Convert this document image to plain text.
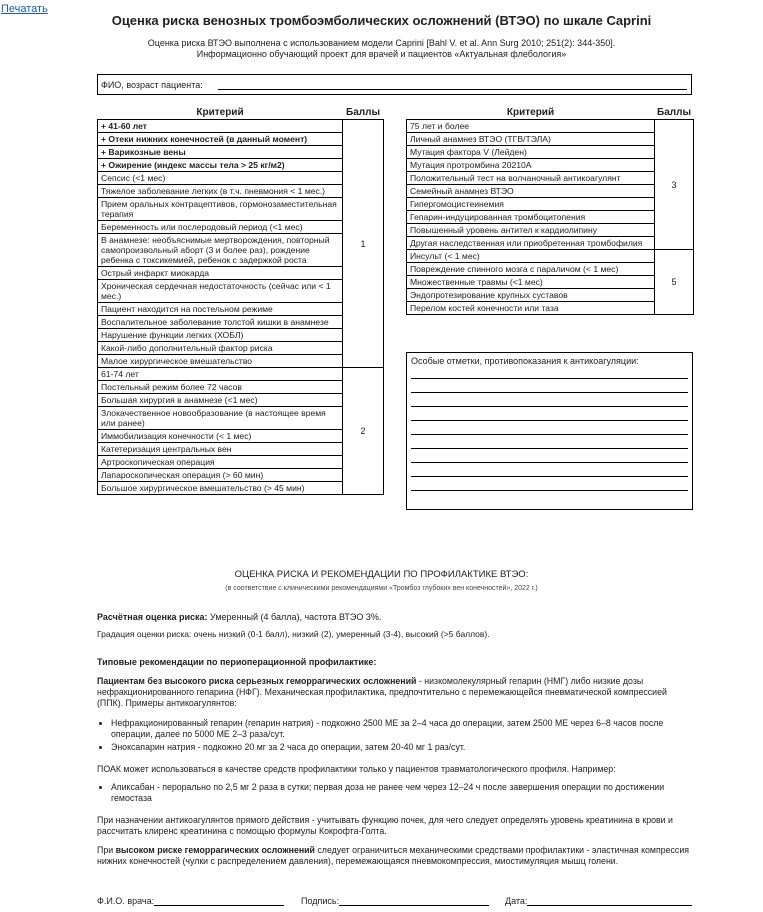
Печатать
Оценка риска венозных тромбоэмболических осложнений (ВТЭО) по шкале Caprini
Оценка риска ВТЭО выполнена с использованием модели Caprini [Bahl V. et al. Ann Surg 2010; 251(2): 344-350].
Информационно обучающий проект для врачей и пациентов «Актуальная флебология»
ФИО, возраст пациента:
Критерий	Баллы
+ 41-60 лет	1
+ Отеки нижних конечностей (в данный момент)	
+ Варикозные вены	
+ Ожирение (индекс массы тела > 25 кг/м2)	
Сепсис (<1 мес)	
Тяжелое заболевание легких (в т.ч. пневмония < 1 мес.)	
Прием оральных контрацептивов, гормонозаместительная терапия	
Беременность или послеродовый период (<1 мес)	
В анамнезе: необъяснимые мертворождения, повторный самопроизвольный аборт (3 и более раз), рождение ребенка с токсикемией, ребенок с задержкой роста	
Острый инфаркт миокарда	
Хроническая сердечная недостаточность (сейчас или < 1 мес.)	
Пациент находится на постельном режиме	
Воспалительное заболевание толстой кишки в анамнезе	
Нарушение функции легких (ХОБЛ)	
Какой-либо дополнительный фактор риска	
Малое хирургическое вмешательство	
61-74 лет	2
Постельный режим более 72 часов	
Большая хирургия в анамнезе (<1 мес)	
Злокачественное новообразование (в настоящее время или ранее)	
Иммобилизация конечности (< 1 мес)	
Катетеризация центральных вен	
Артроскопическая операция	
Лапароскопическая операция (> 60 мин)	
Большое хирургическое вмешательство (> 45 мин)	
Критерий	Баллы
75 лет и более	3
Личный анамнез ВТЭО (ТГВ/ТЭЛА)	
Мутация фактора V (Лейден)	
Мутация протромбина 20210А	
Положительный тест на волчаночный антикоагулянт	
Семейный анамнез ВТЭО	
Гипергомоцистеинемия	
Гепарин-индуцированная тромбоцитопения	
Повышенный уровень антител к кардиолипину	
Другая наследственная или приобретенная тромбофилия	
Инсульт (< 1 мес)	5
Повреждение спинного мозга с параличом (< 1 мес)	
Множественные травмы (<1 мес)	
Эндопротезирование крупных суставов	
Перелом костей конечности или таза	
Особые отметки, противопоказания к антикоагуляции:
ОЦЕНКА РИСКА И РЕКОМЕНДАЦИИ ПО ПРОФИЛАКТИКЕ ВТЭО:
(в соответствие с клиническими рекомендациями «Тромбоз глубоких вен конечностей», 2022 г.)
Расчётная оценка риска: Умеренный (4 балла), частота ВТЭО 3%.
Градация оценки риска: очень низкий (0-1 балл), низкий (2), умеренный (3-4), высокий (>5 баллов).
Типовые рекомендации по периоперационной профилактике:
Пациентам без высокого риска серьезных геморрагических осложнений - низкомолекулярный гепарин (НМГ) либо низкие дозы нефракционированного гепарина (НФГ). Механическая профилактика, предпочтительно с перемежающейся пневматической компрессией (ППК). Примеры антикоагулянтов:
• Нефракционированный гепарин (гепарин натрия) - подкожно 2500 МЕ за 2–4 часа до операции, затем 2500 МЕ через 6–8 часов после операции, далее по 5000 МЕ 2–3 раза/сут.
• Эноксапарин натрия - подкожно 20 мг за 2 часа до операции, затем 20-40 мг 1 раз/сут.
ПОАК может использоваться в качестве средств профилактики только у пациентов травматологического профиля. Например:
• Апиксабан - перорально по 2,5 мг 2 раза в сутки; первая доза не ранее чем через 12–24 ч после завершения операции по достижении гемостаза
При назначении антикоагулянтов прямого действия - учитывать функцию почек, для чего следует определять уровень креатинина в крови и рассчитать клиренс креатинина с помощью формулы Кокрофта-Голта.
При высоком риске геморрагических осложнений следует ограничиться механическими средствами профилактики - эластичная компрессия нижних конечностей (чулки с распределением давления), перемежающаяся пневмокомпрессия, миостимуляция мышц голени.
Ф.И.О. врача:	Подпись:	Дата:
